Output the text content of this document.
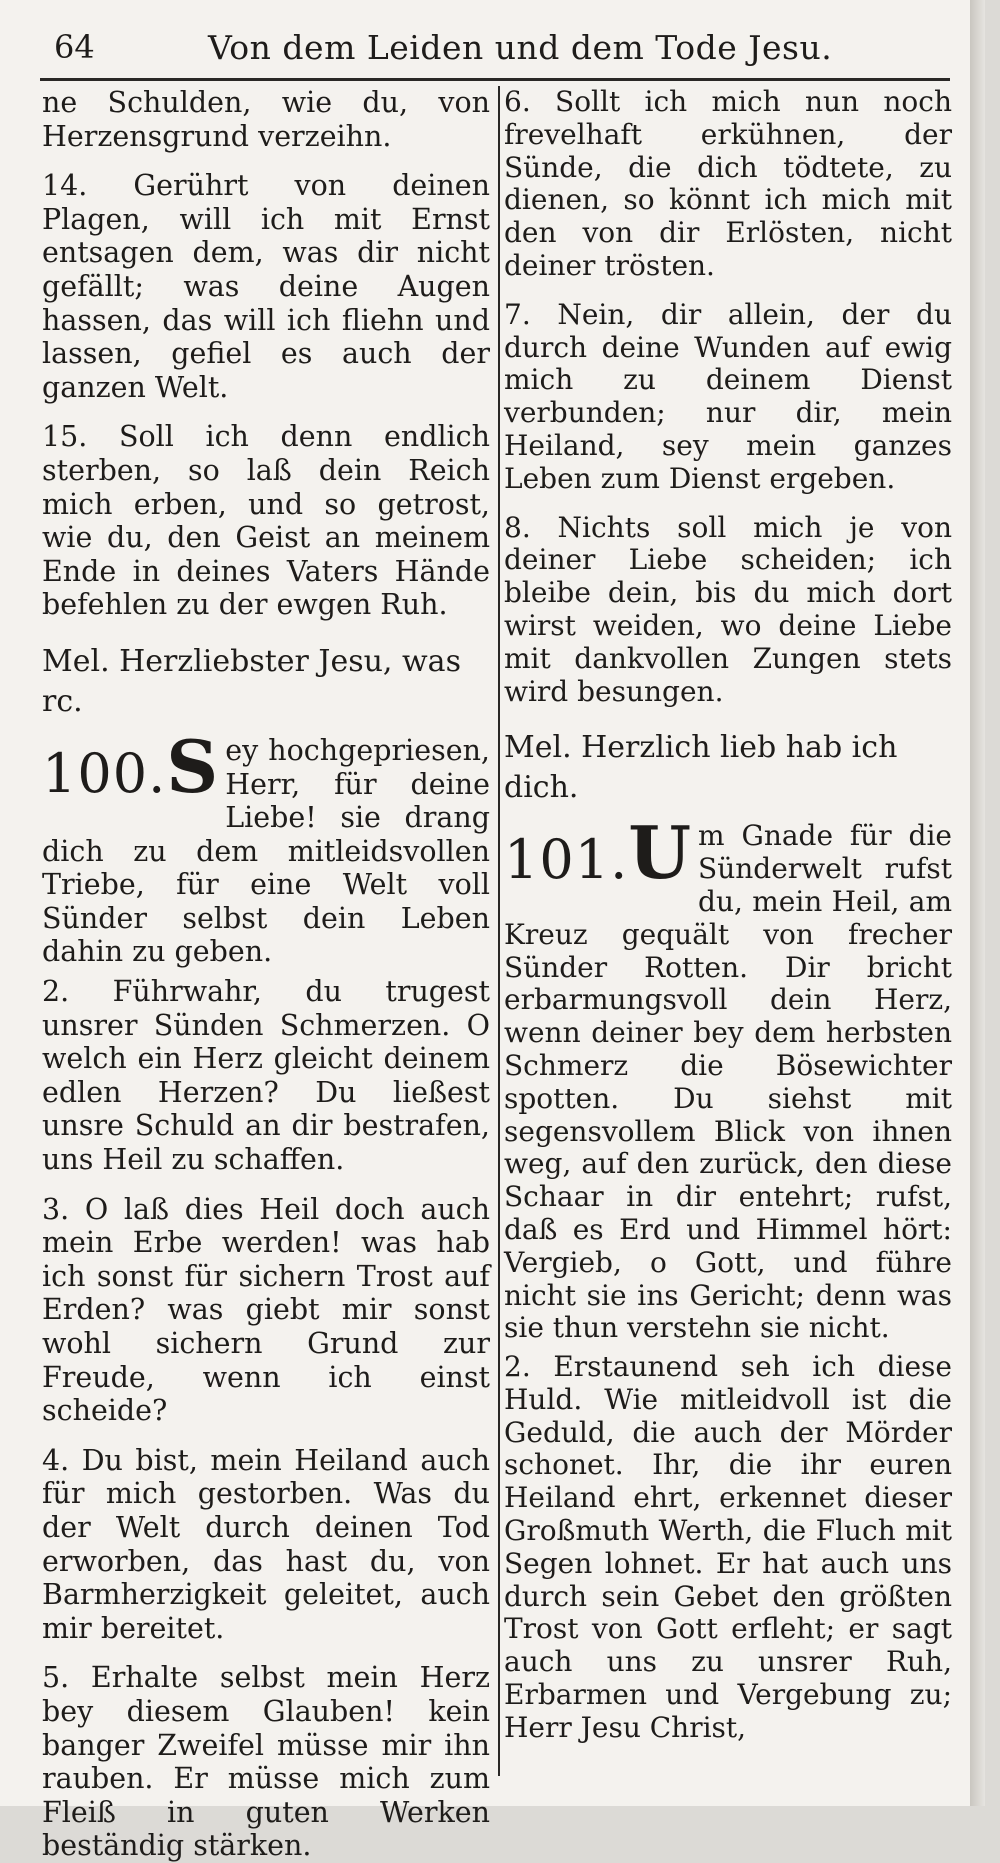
64	Von dem Leiden und dem Tode Jesu.

ne Schulden, wie du, von Herzensgrund verzeihn.

14. Gerührt von deinen Plagen, will ich mit Ernst entsagen dem, was dir nicht gefällt; was deine Augen hassen, das will ich fliehn und lassen, gefiel es auch der ganzen Welt.

15. Soll ich denn endlich sterben, so laß dein Reich mich erben, und so getrost, wie du, den Geist an meinem Ende in deines Vaters Hände befehlen zu der ewgen Ruh.

Mel. Herzliebster Jesu, was rc.

100.S ey hochgepriesen, Herr, für deine Liebe! sie drang dich zu dem mitleidsvollen Triebe, für eine Welt voll Sünder selbst dein Leben dahin zu geben.

2. Führwahr, du trugest unsrer Sünden Schmerzen. O welch ein Herz gleicht deinem edlen Herzen? Du ließest unsre Schuld an dir bestrafen, uns Heil zu schaffen.

3. O laß dies Heil doch auch mein Erbe werden! was hab ich sonst für sichern Trost auf Erden? was giebt mir sonst wohl sichern Grund zur Freude, wenn ich einst scheide?

4. Du bist, mein Heiland auch für mich gestorben. Was du der Welt durch deinen Tod erworben, das hast du, von Barmherzigkeit geleitet, auch mir bereitet.

5. Erhalte selbst mein Herz bey diesem Glauben! kein banger Zweifel müsse mir ihn rauben. Er müsse mich zum Fleiß in guten Werken beständig stärken.

6. Sollt ich mich nun noch frevelhaft erkühnen, der Sünde, die dich tödtete, zu dienen, so könnt ich mich mit den von dir Erlösten, nicht deiner trösten.

7. Nein, dir allein, der du durch deine Wunden auf ewig mich zu deinem Dienst verbunden; nur dir, mein Heiland, sey mein ganzes Leben zum Dienst ergeben.

8. Nichts soll mich je von deiner Liebe scheiden; ich bleibe dein, bis du mich dort wirst weiden, wo deine Liebe mit dankvollen Zungen stets wird besungen.

Mel. Herzlich lieb hab ich dich.

101.U m Gnade für die Sünderwelt rufst du, mein Heil, am Kreuz gequält von frecher Sünder Rotten. Dir bricht erbarmungsvoll dein Herz, wenn deiner bey dem herbsten Schmerz die Bösewichter spotten. Du siehst mit segensvollem Blick von ihnen weg, auf den zurück, den diese Schaar in dir entehrt; rufst, daß es Erd und Himmel hört: Vergieb, o Gott, und führe nicht sie ins Gericht; denn was sie thun verstehn sie nicht.

2. Erstaunend seh ich diese Huld. Wie mitleidvoll ist die Geduld, die auch der Mörder schonet. Ihr, die ihr euren Heiland ehrt, erkennet dieser Großmuth Werth, die Fluch mit Segen lohnet. Er hat auch uns durch sein Gebet den größten Trost von Gott erfleht; er sagt auch uns zu unsrer Ruh, Erbarmen und Vergebung zu; Herr Jesu Christ,
